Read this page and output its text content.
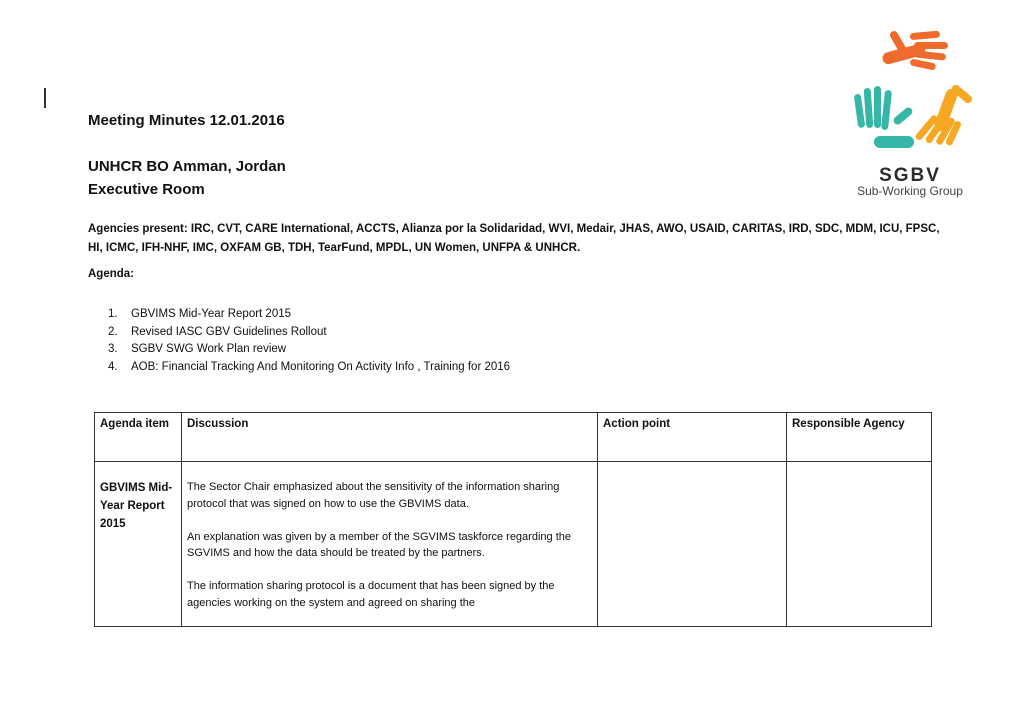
SGBV
Sub-Working Group
Meeting Minutes 12.01.2016
UNHCR BO Amman, Jordan
Executive Room
Agencies present: IRC, CVT, CARE International, ACCTS, Alianza por la Solidaridad, WVI, Medair, JHAS, AWO, USAID, CARITAS, IRD, SDC, MDM, ICU, FPSC, HI, ICMC, IFH-NHF, IMC, OXFAM GB, TDH, TearFund, MPDL, UN Women, UNFPA & UNHCR.
Agenda:
1. GBVIMS Mid-Year Report 2015
2. Revised IASC GBV Guidelines Rollout
3. SGBV SWG Work Plan review
4. AOB: Financial Tracking And Monitoring On Activity Info , Training for 2016
Agenda item	Discussion	Action point	Responsible Agency

GBVIMS Mid-Year Report 2015	The Sector Chair emphasized about the sensitivity of the information sharing protocol that was signed on how to use the GBVIMS data.

An explanation was given by a member of the SGVIMS taskforce regarding the SGVIMS and how the data should be treated by the partners.

The information sharing protocol is a document that has been signed by the agencies working on the system and agreed on sharing the		
